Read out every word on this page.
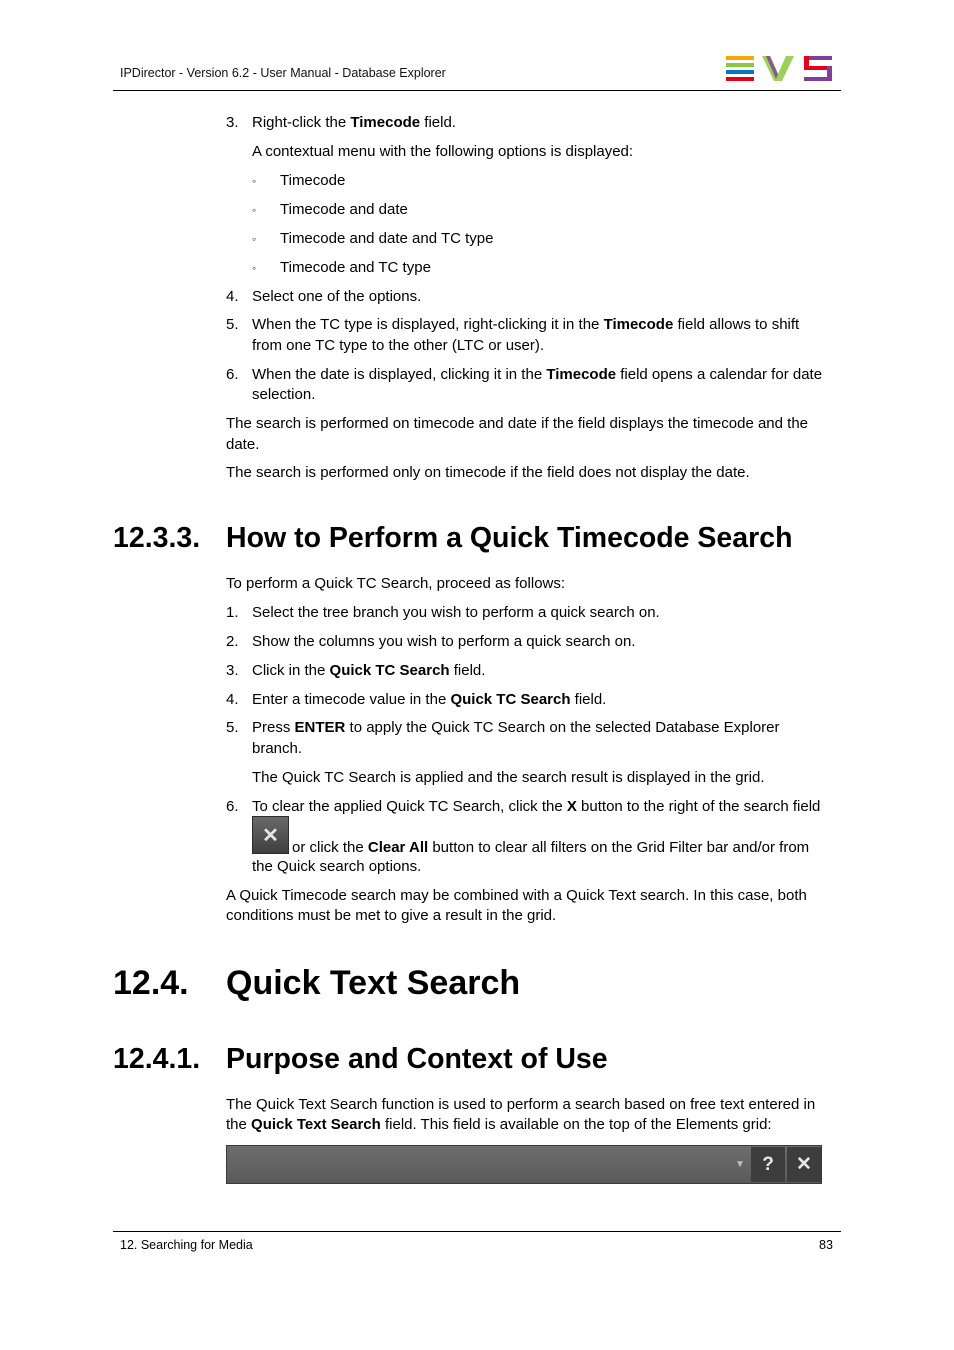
IPDirector - Version 6.2 - User Manual - Database Explorer
3. Right-click the Timecode field.
A contextual menu with the following options is displayed:
◦ Timecode
◦ Timecode and date
◦ Timecode and date and TC type
◦ Timecode and TC type
4. Select one of the options.
5. When the TC type is displayed, right-clicking it in the Timecode field allows to shift
from one TC type to the other (LTC or user).
6. When the date is displayed, clicking it in the Timecode field opens a calendar for date
selection.
The search is performed on timecode and date if the field displays the timecode and the
date.
The search is performed only on timecode if the field does not display the date.
12.3.3. How to Perform a Quick Timecode Search
To perform a Quick TC Search, proceed as follows:
1. Select the tree branch you wish to perform a quick search on.
2. Show the columns you wish to perform a quick search on.
3. Click in the Quick TC Search field.
4. Enter a timecode value in the Quick TC Search field.
5. Press ENTER to apply the Quick TC Search on the selected Database Explorer
branch.
The Quick TC Search is applied and the search result is displayed in the grid.
6. To clear the applied Quick TC Search, click the X button to the right of the search field
✕
or click the Clear All button to clear all filters on the Grid Filter bar and/or from
the Quick search options.
A Quick Timecode search may be combined with a Quick Text search. In this case, both
conditions must be met to give a result in the grid.
12.4. Quick Text Search
12.4.1. Purpose and Context of Use
The Quick Text Search function is used to perform a search based on free text entered in
the Quick Text Search field. This field is available on the top of the Elements grid:
▼ ? ✕
12. Searching for Media	83
